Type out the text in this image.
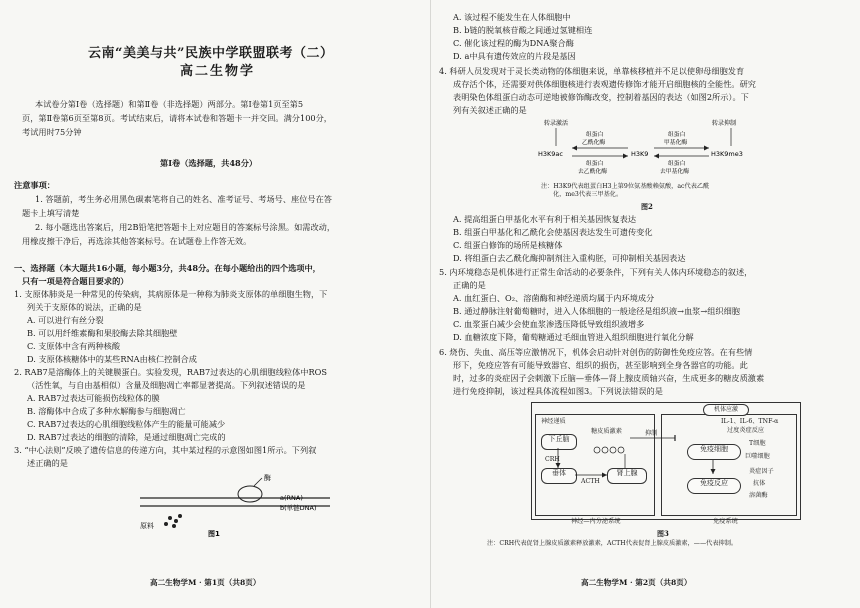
云南“美美与共”民族中学联盟联考（二）
高二生物学
本试卷分第Ⅰ卷（选择题）和第Ⅱ卷（非选择题）两部分。第Ⅰ卷第1页至第5
页，第Ⅱ卷第6页至第8页。考试结束后，请将本试卷和答题卡一并交回。满分100分，
考试用时75分钟
第Ⅰ卷（选择题，共48分）
注意事项：
1. 答题前，考生务必用黑色碳素笔将自己的姓名、准考证号、考场号、座位号在答
题卡上填写清楚
2. 每小题选出答案后，用2B铅笔把答题卡上对应题目的答案标号涂黑。如需改动，
用橡皮擦干净后，再选涂其他答案标号。在试题卷上作答无效。
一、选择题（本大题共16小题，每小题3分，共48分。在每小题给出的四个选项中，
只有一项是符合题目要求的）
1. 支原体肺炎是一种常见的传染病，其病原体是一种称为肺炎支原体的单细胞生物，下
列关于支原体的说法，正确的是
A. 可以进行有丝分裂
B. 可以用纤维素酶和果胶酶去除其细胞壁
C. 支原体中含有两种核酸
D. 支原体核糖体中的某些RNA由核仁控制合成
2. RAB7是溶酶体上的关键膜蛋白。实验发现，RAB7过表达的心肌细胞线粒体中ROS
（活性氧，与自由基相似）含量及细胞凋亡率都显著提高。下列叙述错误的是
A. RAB7过表达可能损伤线粒体的膜
B. 溶酶体中合成了多种水解酶参与细胞凋亡
C. RAB7过表达的心肌细胞线粒体产生的能量可能减少
D. RAB7过表达的细胞的清除，是通过细胞凋亡完成的
3. “中心法则”反映了遗传信息的传递方向，其中某过程的示意图如图1所示。下列叙
述正确的是
酶
a(RNA)
b(单链DNA)
原料
图1
高二生物学M · 第1页（共8页）
A. 该过程不能发生在人体细胞中
B. b链的脱氧核苷酸之间通过氢键相连
C. 催化该过程的酶为DNA聚合酶
D. a中具有遗传效应的片段是基因
4. 科研人员发现对于灵长类动物的体细胞来说，单靠核移植并不足以使卵母细胞发育
成存活个体，还需要对供体细胞核进行表观遗传修饰才能开启细胞核的全能性。研究
表明染色体组蛋白动态可逆地被修饰酶改变，控制着基因的表达（如图2所示）。下
列有关叙述正确的是
转录激活	转录抑制
H3K9ac	H3K9	H3K9me3
组蛋白
乙酰化酶
组蛋白
甲基化酶
组蛋白
去乙酰化酶
组蛋白
去甲基化酶
注：H3K9代表组蛋白H3上第9位氨基酸赖氨酸，ac代表乙酰
化，me3代表三甲基化。
图2
A. 提高组蛋白甲基化水平有利于相关基因恢复表达
B. 组蛋白甲基化和乙酰化会使基因表达发生可遗传变化
C. 组蛋白修饰的场所是核糖体
D. 将组蛋白去乙酰化酶抑制剂注入重构胚，可抑制相关基因表达
5. 内环境稳态是机体进行正常生命活动的必要条件，下列有关人体内环境稳态的叙述，
正确的是
A. 血红蛋白、O₂、溶菌酶和神经递质均属于内环境成分
B. 通过静脉注射葡萄糖时，进入人体细胞的一般途径是组织液→血浆→组织细胞
C. 血浆蛋白减少会使血浆渗透压降低导致组织液增多
D. 血糖浓度下降，葡萄糖通过毛细血管进入组织细胞进行氧化分解
6. 烧伤、失血、高压等应激情况下，机体会启动针对创伤的防御性免疫应答。在有些情
形下，免疫应答有可能导致器官、组织的损伤，甚至影响到全身各器官的功能。此
时，过多的炎症因子会刺激下丘脑—垂体—肾上腺皮质轴兴奋，生成更多的糖皮质激素
进行免疫抑制，该过程具体流程如图3。下列说法错误的是
神经递质
下丘脑
CRH
垂体
ACTH
肾上腺
糖皮质激素	抑制
机体应激
IL-1、IL-6、TNF-α
过度炎症反应
免疫细胞
T细胞
巨噬细胞
免疫反应
炎症因子
抗体
溶菌酶
神经—内分泌系统	免疫系统
图3
注：CRH代表促肾上腺皮质激素释放激素，ACTH代表促肾上腺皮质激素，——代表抑制。
高二生物学M · 第2页（共8页）
